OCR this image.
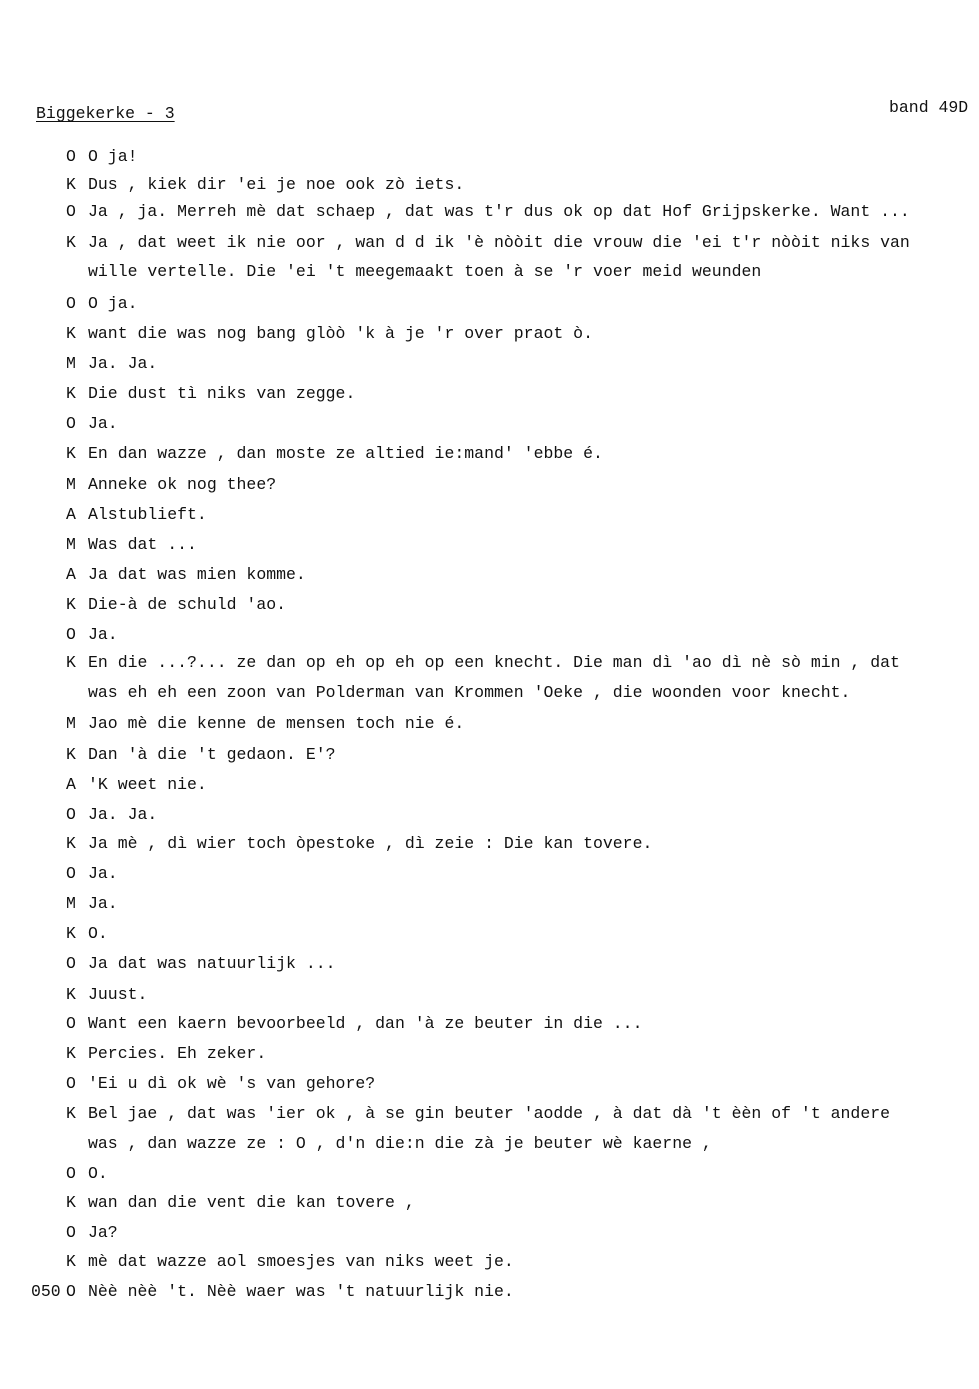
Biggekerke - 3	band 49D
O O ja!
K Dus , kiek dir 'ei je noe ook zò iets.
O Ja , ja. Merreh mè dat schaep , dat was t'r dus ok op dat Hof Grijpskerke. Want ...
K Ja , dat weet ik nie oor , wan d d ik 'è nòòit die vrouw die 'ei t'r nòòit niks van
wille vertelle. Die 'ei 't meegemaakt toen à se 'r voer meid weunden
O O ja.
K want die was nog bang glòò 'k à je 'r over praot ò.
M Ja. Ja.
K Die dust tì niks van zegge.
O Ja.
K En dan wazze , dan moste ze altied ie:mand' 'ebbe é.
M Anneke ok nog thee?
A Alstublieft.
M Was dat ...
A Ja dat was mien komme.
K Die-à de schuld 'ao.
O Ja.
K En die ...?... ze dan op eh op eh op een knecht. Die man dì 'ao dì nè sò min , dat
was eh eh een zoon van Polderman van Krommen 'Oeke , die woonden voor knecht.
M Jao mè die kenne de mensen toch nie é.
K Dan 'à die 't gedaon. E'?
A 'K weet nie.
O Ja. Ja.
K Ja mè , dì wier toch òpestoke , dì zeie : Die kan tovere.
O Ja.
M Ja.
K O.
O Ja dat was natuurlijk ...
K Juust.
O Want een kaern bevoorbeeld , dan 'à ze beuter in die ...
K Percies. Eh zeker.
O 'Ei u dì ok wè 's van gehore?
K Bel jae , dat was 'ier ok , à se gin beuter 'aodde , à dat dà 't èèn of 't andere
was , dan wazze ze : O , d'n die:n die zà je beuter wè kaerne ,
O O.
K wan dan die vent die kan tovere ,
O Ja?
K mè dat wazze aol smoesjes van niks weet je.
050 O Nèè nèè 't. Nèè waer was 't natuurlijk nie.
